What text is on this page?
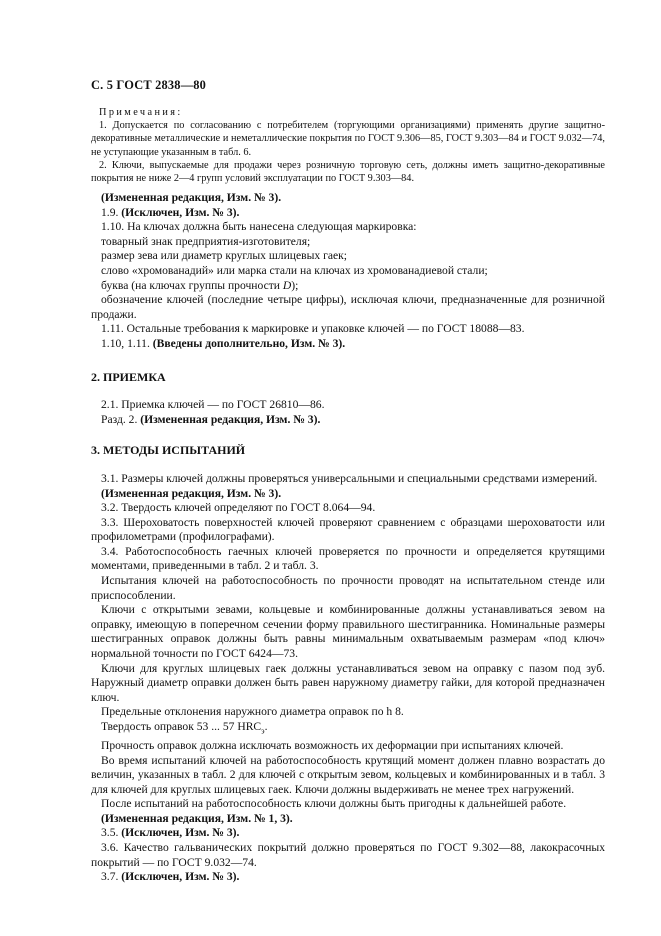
С. 5 ГОСТ 2838—80

Примечания:

1. Допускается по согласованию с потребителем (торгующими организациями) применять другие защитно-декоративные металлические и неметаллические покрытия по ГОСТ 9.306—85, ГОСТ 9.303—84 и ГОСТ 9.032—74, не уступающие указанным в табл. 6.

2. Ключи, выпускаемые для продажи через розничную торговую сеть, должны иметь защитно-декоративные покрытия не ниже 2—4 групп условий эксплуатации по ГОСТ 9.303—84.

(Измененная редакция, Изм. № 3).

1.9. (Исключен, Изм. № 3).

1.10. На ключах должна быть нанесена следующая маркировка:

товарный знак предприятия-изготовителя;

размер зева или диаметр круглых шлицевых гаек;

слово «хромованадий» или марка стали на ключах из хромованадиевой стали;

буква (на ключах группы прочности D);

обозначение ключей (последние четыре цифры), исключая ключи, предназначенные для розничной продажи.

1.11. Остальные требования к маркировке и упаковке ключей — по ГОСТ 18088—83.

1.10, 1.11. (Введены дополнительно, Изм. № 3).

2. ПРИЕМКА

2.1. Приемка ключей — по ГОСТ 26810—86.

Разд. 2. (Измененная редакция, Изм. № 3).

3. МЕТОДЫ ИСПЫТАНИЙ

3.1. Размеры ключей должны проверяться универсальными и специальными средствами измерений.

(Измененная редакция, Изм. № 3).

3.2. Твердость ключей определяют по ГОСТ 8.064—94.

3.3. Шероховатость поверхностей ключей проверяют сравнением с образцами шероховатости или профилометрами (профилографами).

3.4. Работоспособность гаечных ключей проверяется по прочности и определяется крутящими моментами, приведенными в табл. 2 и табл. 3.

Испытания ключей на работоспособность по прочности проводят на испытательном стенде или приспособлении.

Ключи с открытыми зевами, кольцевые и комбинированные должны устанавливаться зевом на оправку, имеющую в поперечном сечении форму правильного шестигранника. Номинальные размеры шестигранных оправок должны быть равны минимальным охватываемым размерам «под ключ» нормальной точности по ГОСТ 6424—73.

Ключи для круглых шлицевых гаек должны устанавливаться зевом на оправку с пазом под зуб. Наружный диаметр оправки должен быть равен наружному диаметру гайки, для которой предназначен ключ.

Предельные отклонения наружного диаметра оправок по h 8.

Твердость оправок 53 ... 57 $HRC_э$.

Прочность оправок должна исключать возможность их деформации при испытаниях ключей.

Во время испытаний ключей на работоспособность крутящий момент должен плавно возрастать до величин, указанных в табл. 2 для ключей с открытым зевом, кольцевых и комбинированных и в табл. 3 для ключей для круглых шлицевых гаек. Ключи должны выдерживать не менее трех нагружений.

После испытаний на работоспособность ключи должны быть пригодны к дальнейшей работе.

(Измененная редакция, Изм. № 1, 3).

3.5. (Исключен, Изм. № 3).

3.6. Качество гальванических покрытий должно проверяться по ГОСТ 9.302—88, лакокрасочных покрытий — по ГОСТ 9.032—74.

3.7. (Исключен, Изм. № 3).
